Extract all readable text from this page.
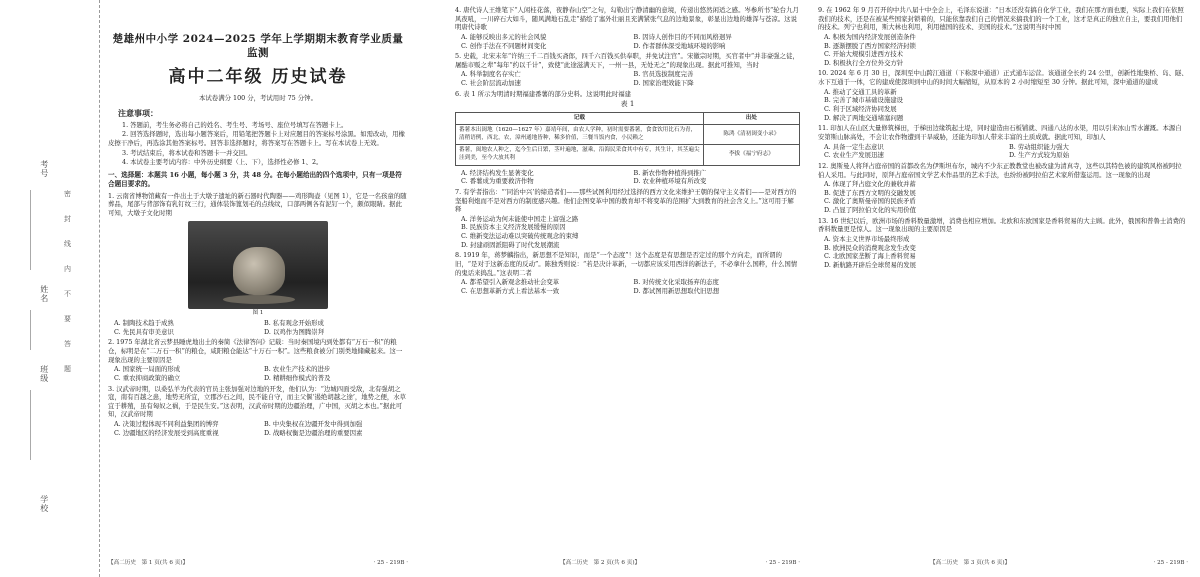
考号
姓名
班级
学校
密封线内不要答题
楚雄州中小学 2024—2025 学年上学期期末教育学业质量监测
高中二年级 历史试卷
本试卷满分 100 分，考试用时 75 分钟。
注意事项：

1. 答题前，考生务必将自己的姓名、考生号、考场号、座位号填写在答题卡上。

2. 回答选择题时，选出每小题答案后，用铅笔把答题卡上对应题目的答案标号涂黑。如需改动，用橡皮擦干净后，再选涂其他答案标号。回答非选择题时，将答案写在答题卡上。写在本试卷上无效。

3. 考试结束后，将本试卷和答题卡一并交回。

4. 本试卷主要考试内容：中外历史纲要（上、下），选择性必修 1、2。

一、选择题：本题共 16 小题，每小题 3 分，共 48 分。在每小题给出的四个选项中，只有一项是符合题目要求的。
1. 云南省博物馆藏有一件出土于大墩子遗址的新石器时代陶器——鸡形陶壶（见图 1），它是一名孩童的随葬品，尾部与背部饰有乳钉纹三行，通体装饰篦划毛的点线纹，口部两侧各有泥钉一个，颇似眼睛。据此可知，大墩子文化时期
图 1
A. 制陶技术趋于成熟	B. 私有观念开始形成
C. 先民具有审美意识	D. 以鸡作为图腾崇拜
2. 1975 年湖北省云梦县睡虎地出土的秦简《法律答问》记载：当时秦国境内到处都有“万石一积”的粮仓，标明是在“二万石一积”的粮仓，咸阳粮仓能达“十万石一积”。这些粮食被分门别类地储藏起来。这一现象出现的主要原因是
A. 国家统一局面的形成	B. 农业生产技术的进步
C. 重农抑商政策的确立	D. 精耕细作模式的普及
3. 汉武帝时期，以桑弘羊为代表的官员主张加强对边地的开发，他们认为：“边城四面受敌，北有强胡之寇，南有百越之患，地势无所宜，立郡沙石之间，民不能自守，而主父偃‘遏绝胡越之途’，地势之便，水草宜于耕殖，虽有匈奴之祸，于是民生安。”这表明，汉武帝时期的边疆治理，广中国，灭胡之本也。”据此可知，汉武帝时期
A. 决策过程体现不同利益集团的博弈	B. 中央集权在边疆开发中得到加强
C. 边疆地区的经济发展受到高度重视	D. 战略权衡是边疆治理的重要因素
4. 唐代诗人王维笔下“人闲桂花落，夜静春山空”之句，勾勒出宁静清幽的意境，传递出悠然闲适之感。岑参所书“轮台九月风夜吼，一川碎石大如斗，随风满地石乱走”描绘了塞外壮丽且充满紧张气息的边地景象，彰显出边地的雄浑与苍凉。这说明唐代诗歌
A. 能够反映出多元的社会风貌	B. 因诗人创作目的不同而风格迥异
C. 创作手法在不同题材间变化	D. 作者群体深受地域环境的影响
5. 史载，北宋末年“许纳三千二百钱买斋郎，四千六百钱买供奉职，并免试注官”。宋徽宗时期，买官者中“并非豪强之徒，屠酤市贩之辈”每年“约以千计”，致使“此途滋满天下，一州一县，无处无之”的现象出现。据此可推知，当时
A. 科举制度名存实亡	B. 官员选拔制度完善
C. 社会阶层流动加速	D. 国家治理效能下降
6. 表 1 所示为明清时期福建番薯的部分史料。这说明此时福建
表 1
记载	出处
番薯本出闽地（1620—1627 年）嘉靖年间，由农人学种，初时需要番薯，食食饮用比石为青，清稍语例，西北，农，漳州通地皆种，稀多价值，三餐当饭内食，小民赖之	陈鸿《清初闽变小录》
番薯，闽地农人种之，迄今生后日繁，茎叶遍地，滋乘，沿海民采食其中有专，其生计，其茎遍尖洼到美，至今大放其利	李拔《福宁府志》
A. 经济结构发生显著变化	B. 新农作物种植得到推广
C. 番薯成为重要救济作物	D. 农业种植环境有所改变
7. 有学者指出：“‘同治中兴’的缔造者们——那些试图利用经过选择的西方文化来维护王朝的保守主义者们——是对西方的坚船利炮而不是对西方的制度感兴趣。他们企图变革中国的教育却不将变革的范围扩大到教育的社会含义上。”这可用于解释
A. 洋务运动为何未能使中国走上富强之路
B. 民族资本主义经济发展缓慢的原因
C. 维新变法运动难以突破传统观念的束缚
D. 封建顽固派阻碍了时代发展潮流
8. 1919 年，蒋梦麟指出，新思想不是知识，而是“一个态度”！这个态度是有思想是否定过的那个方向走，而所谓的旧，“是对于这新态度的反动”。陈独秀则说：“若是决计革新，一切都应该采用西洋的新法子，不必拿什么国粹，什么国情的鬼话来捣乱。”这表明二者
A. 都希望引入新观念推动社会变革	B. 对传统文化采取扬弃的态度
C. 在思想革新方式上看法基本一致	D. 都试图用新思想取代旧思想
9. 在 1962 年 9 月召开的中共八届十中全会上，毛泽东说道：“日本还没有搞自化学工业，我们在那方面也要，实际上我们在依照我们的技术，还是在被某些国家封锁着的，只能依靠我们自己的情况来搞我们的一个工业，这才是真正的独立自主，要我们用他们的技术。列宁也利用，斯大林也利用，利用德国的技术、美国的技术。”这说明当时中国
A. 积极为国内经济发展创造条件
B. 逐渐摆脱了西方国家经济封锁
C. 开始大规模引进西方技术
D. 积极执行全方位外交方针
10. 2024 年 6 月 30 日，深圳至中山跨江通道（下称深中通道）正式通车运营。该通道全长约 24 公里，创新性地集桥、岛、隧、水下互通于一体，它的建成使深圳到中山的时间大幅缩短，从原本的 2 小时缩短至 30 分钟。据此可知，深中通道的建成
A. 推动了交通工具的革新
B. 完善了城市基础设施建设
C. 利于区域经济协同发展
D. 解决了两地交通堵塞问题
11. 印加人在山区大量修筑梯田，于梯田边缘筑起土堤，同时建造由石板铺就、四通八达的水渠，用以引来冰山雪水灌溉。本源自安第斯山脉高处，不会让农作物遭到干旱威胁，还能为印加人带来丰富的土质成就。据此可知，印加人
A. 具备一定生态意识	B. 劳动组织能力强大
C. 农业生产发展迅速	D. 生产方式较为原始
12. 奥斯曼人将拜占庭帝国的首都改名为伊斯坦布尔，城内不少东正教教堂也被改建为清真寺，这些以其特色被的建筑风格被阿拉伯人采用。与此同时，原拜占庭帝国文学艺术作品里的艺术手法，也纷纷被阿拉伯艺术家所借鉴运用。这一现象的出现
A. 体现了拜占庭文化的兼收并蓄
B. 促进了东西方文明的交融发展
C. 激化了奥斯曼帝国的民族矛盾
D. 凸显了阿拉伯文化的实用价值
13. 16 世纪以后，欧洲市场的香料数量激增，消费也相应增加。北欧和东欧国家是香料贸易的大主顾。此外，俄国和普鲁士消费的香料数量更是惊人。这一现象出现的主要原因是
A. 资本主义世界市场最终形成
B. 欧洲民众的消费观念发生改变
C. 北欧国家垄断了海上香料贸易
D. 新航路开辟后全球贸易的发展
【高二历史　第 1 页(共 6 页)】	· 25 - 219B ·	【高二历史　第 2 页(共 6 页)】	· 25 - 219B ·	【高二历史　第 3 页(共 6 页)】	· 25 - 219B ·
